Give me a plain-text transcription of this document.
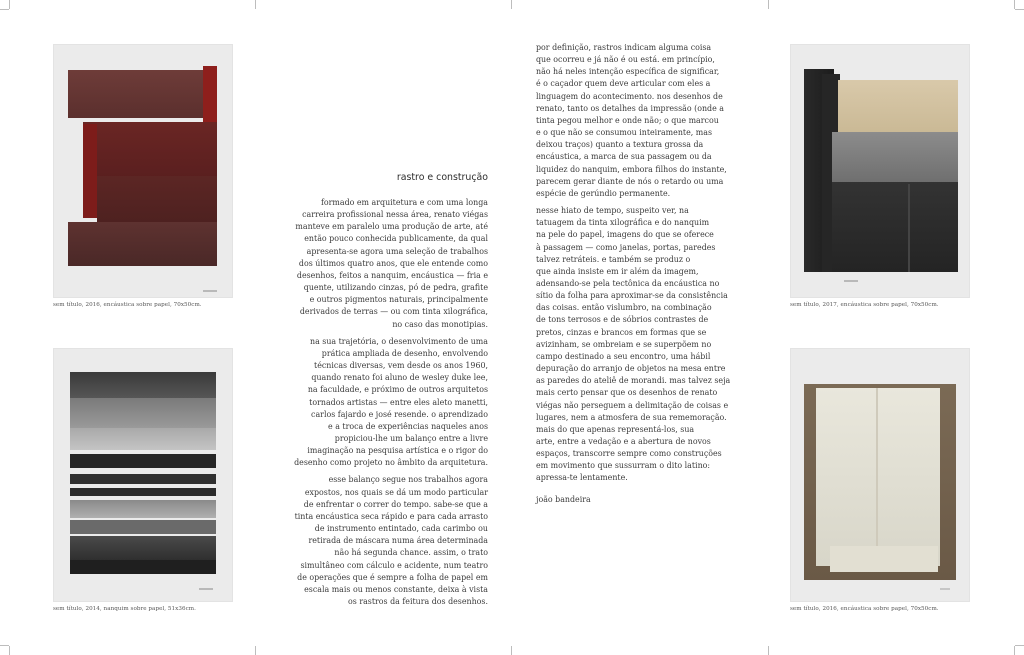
sem título, 2016, encáustica sobre papel, 70x50cm.
sem título, 2014, nanquim sobre papel, 51x36cm.
rastro e construção

formado em arquitetura e com uma longa

carreira profissional nessa área, renato viégas

manteve em paralelo uma produção de arte, até

então pouco conhecida publicamente, da qual

apresenta-se agora uma seleção de trabalhos

dos últimos quatro anos, que ele entende como

desenhos, feitos a nanquim, encáustica — fria e

quente, utilizando cinzas, pó de pedra, grafite

e outros pigmentos naturais, principalmente

derivados de terras — ou com tinta xilográfica,

no caso das monotipias.

na sua trajetória, o desenvolvimento de uma

prática ampliada de desenho, envolvendo

técnicas diversas, vem desde os anos 1960,

quando renato foi aluno de wesley duke lee,

na faculdade, e próximo de outros arquitetos

tornados artistas — entre eles aleto manetti,

carlos fajardo e josé resende. o aprendizado

e a troca de experiências naqueles anos

propiciou-lhe um balanço entre a livre

imaginação na pesquisa artística e o rigor do

desenho como projeto no âmbito da arquitetura.

esse balanço segue nos trabalhos agora

expostos, nos quais se dá um modo particular

de enfrentar o correr do tempo. sabe-se que a

tinta encáustica seca rápido e para cada arrasto

de instrumento entintado, cada carimbo ou

retirada de máscara numa área determinada

não há segunda chance. assim, o trato

simultâneo com cálculo e acidente, num teatro

de operações que é sempre a folha de papel em

escala mais ou menos constante, deixa à vista

os rastros da feitura dos desenhos.

por definição, rastros indicam alguma coisa

que ocorreu e já não é ou está. em princípio,

não há neles intenção específica de significar,

é o caçador quem deve articular com eles a

linguagem do acontecimento. nos desenhos de

renato, tanto os detalhes da impressão (onde a

tinta pegou melhor e onde não; o que marcou

e o que não se consumou inteiramente, mas

deixou traços) quanto a textura grossa da

encáustica, a marca de sua passagem ou da

liquidez do nanquim, embora filhos do instante,

parecem gerar diante de nós o retardo ou uma

espécie de gerúndio permanente.

nesse hiato de tempo, suspeito ver, na

tatuagem da tinta xilográfica e do nanquim

na pele do papel, imagens do que se oferece

à passagem — como janelas, portas, paredes

talvez retráteis. e também se produz o

que ainda insiste em ir além da imagem,

adensando-se pela tectônica da encáustica no

sítio da folha para aproximar-se da consistência

das coisas. então vislumbro, na combinação

de tons terrosos e de sóbrios contrastes de

pretos, cinzas e brancos em formas que se

avizinham, se ombreiam e se superpõem no

campo destinado a seu encontro, uma hábil

depuração do arranjo de objetos na mesa entre

as paredes do ateliê de morandi. mas talvez seja

mais certo pensar que os desenhos de renato

viégas não perseguem a delimitação de coisas e

lugares, nem a atmosfera de sua rememoração.

mais do que apenas representá-los, sua

arte, entre a vedação e a abertura de novos

espaços, transcorre sempre como construções

em movimento que sussurram o dito latino:

apressa-te lentamente.

joão bandeira

sem título, 2017, encáustica sobre papel, 70x50cm.
sem título, 2016, encáustica sobre papel, 70x50cm.
